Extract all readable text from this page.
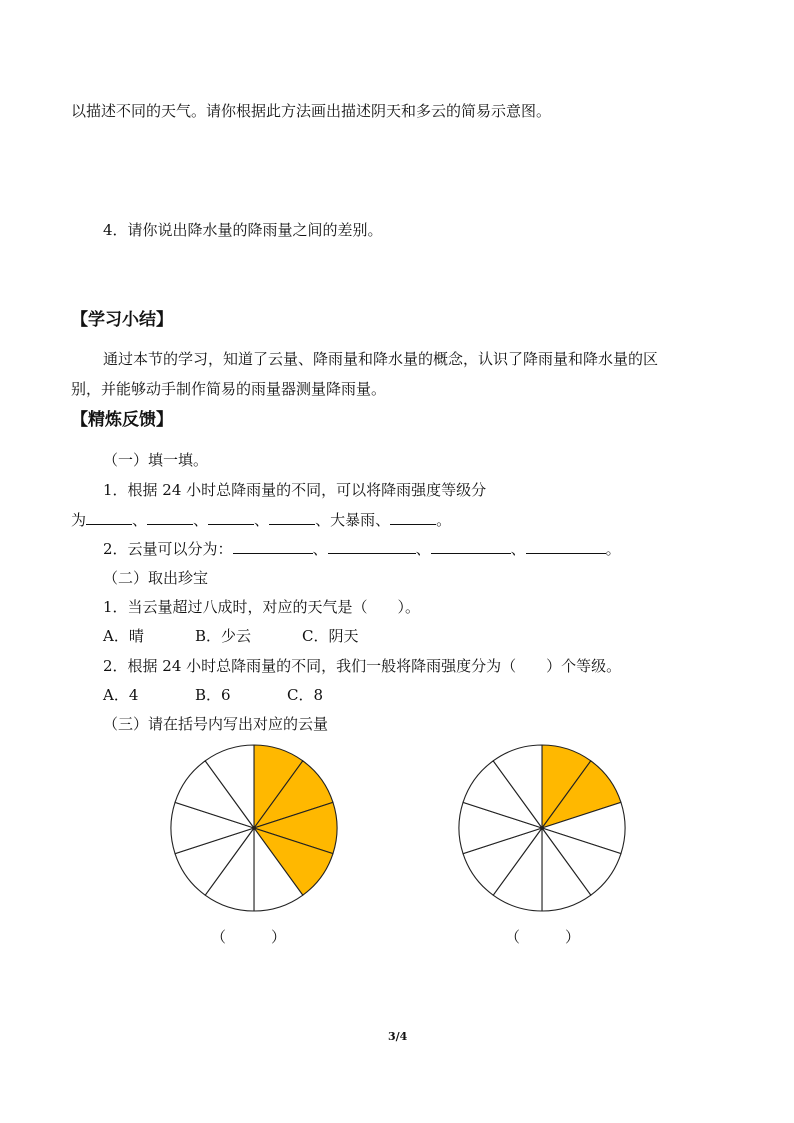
以描述不同的天气。请你根据此方法画出描述阴天和多云的简易示意图。
4．请你说出降水量的降雨量之间的差别。
【学习小结】
通过本节的学习，知道了云量、降雨量和降水量的概念，认识了降雨量和降水量的区
别，并能够动手制作简易的雨量器测量降雨量。
【精炼反馈】
（一）填一填。
1．根据 24 小时总降雨量的不同，可以将降雨强度等级分
为	、	、	、	、大暴雨、	。
2．云量可以分为：	、	、	、	。
（二）取出珍宝
1．当云量超过八成时，对应的天气是（　　）。
A．晴	B．少云	C．阴天
2．根据 24 小时总降雨量的不同，我们一般将降雨强度分为（　　）个等级。
A．4	B．6	C．8
（三）请在括号内写出对应的云量
（　　　）	（　　　）
3/4
